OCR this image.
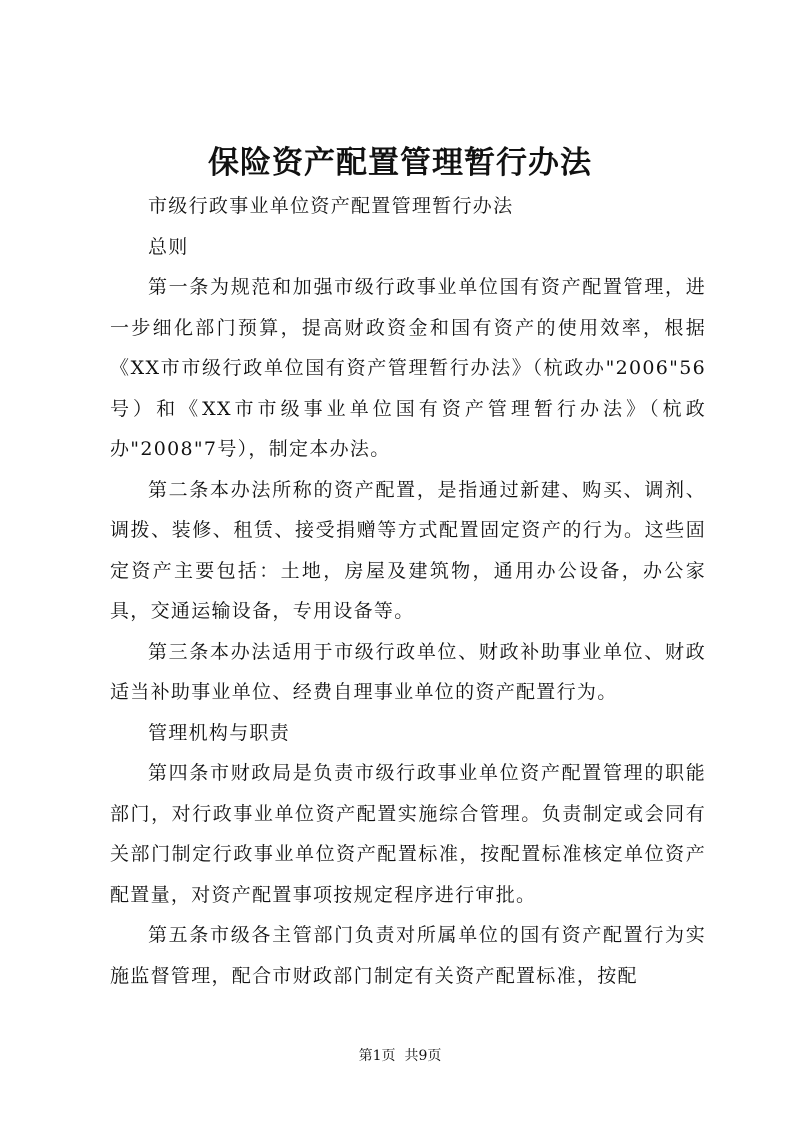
保险资产配置管理暂行办法

市级行政事业单位资产配置管理暂行办法

总则

第一条为规范和加强市级行政事业单位国有资产配置管理，进一步细化部门预算，提高财政资金和国有资产的使用效率，根据《XX市市级行政单位国有资产管理暂行办法》（杭政办"2006"56号）和《XX市市级事业单位国有资产管理暂行办法》（杭政办"2008"7号），制定本办法。

第二条本办法所称的资产配置，是指通过新建、购买、调剂、调拨、装修、租赁、接受捐赠等方式配置固定资产的行为。这些固定资产主要包括：土地，房屋及建筑物，通用办公设备，办公家具，交通运输设备，专用设备等。

第三条本办法适用于市级行政单位、财政补助事业单位、财政适当补助事业单位、经费自理事业单位的资产配置行为。

管理机构与职责

第四条市财政局是负责市级行政事业单位资产配置管理的职能部门，对行政事业单位资产配置实施综合管理。负责制定或会同有关部门制定行政事业单位资产配置标准，按配置标准核定单位资产配置量，对资产配置事项按规定程序进行审批。

第五条市级各主管部门负责对所属单位的国有资产配置行为实施监督管理，配合市财政部门制定有关资产配置标准，按配

第1页 共9页
